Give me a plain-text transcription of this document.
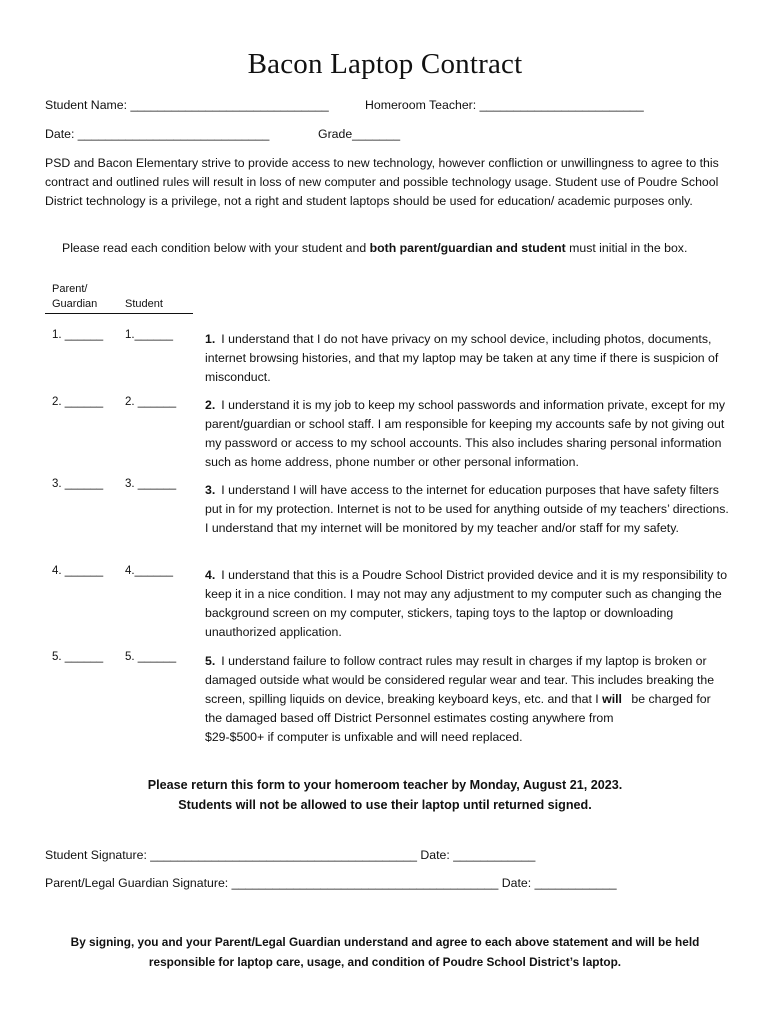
Bacon Laptop Contract
Student Name: _____________________________	Homeroom Teacher: ________________________
Date: ____________________________	Grade_______
PSD and Bacon Elementary strive to provide access to new technology, however confliction or unwillingness to agree to this contract and outlined rules will result in loss of new computer and possible technology usage. Student use of Poudre School District technology is a privilege, not a right and student laptops should be used for education/ academic purposes only.
Please read each condition below with your student and both parent/guardian and student must initial in the box.
Parent/
Guardian	Student
1. ______ 1.______	1. I understand that I do not have privacy on my school device, including photos, documents, internet browsing histories, and that my laptop may be taken at any time if there is suspicion of misconduct.
2. ______ 2. ______ 2. I understand it is my job to keep my school passwords and information private, except for my parent/guardian or school staff. I am responsible for keeping my accounts safe by not giving out my password or access to my school accounts. This also includes sharing personal information such as home address, phone number or other personal information.
3. ______ 3. ______ 3. I understand I will have access to the internet for education purposes that have safety filters put in for my protection. Internet is not to be used for anything outside of my teachers’ directions. I understand that my internet will be monitored by my teacher and/or staff for my safety.
4. ______ 4.______	4. I understand that this is a Poudre School District provided device and it is my responsibility to keep it in a nice condition. I may not may any adjustment to my computer such as changing the background screen on my computer, stickers, taping toys to the laptop or downloading unauthorized application.
5. ______ 5. ______ 5. I understand failure to follow contract rules may result in charges if my laptop is broken or damaged outside what would be considered regular wear and tear. This includes breaking the screen, spilling liquids on device, breaking keyboard keys, etc. and that I will be charged for the damaged based off District Personnel estimates costing anywhere from
$29-$500+ if computer is unfixable and will need replaced.
Please return this form to your homeroom teacher by Monday, August 21, 2023.
Students will not be allowed to use their laptop until returned signed.
Student Signature: _______________________________________ Date: ____________
Parent/Legal Guardian Signature: _______________________________________ Date: ____________
By signing, you and your Parent/Legal Guardian understand and agree to each above statement and will be held
responsible for laptop care, usage, and condition of Poudre School District’s laptop.
